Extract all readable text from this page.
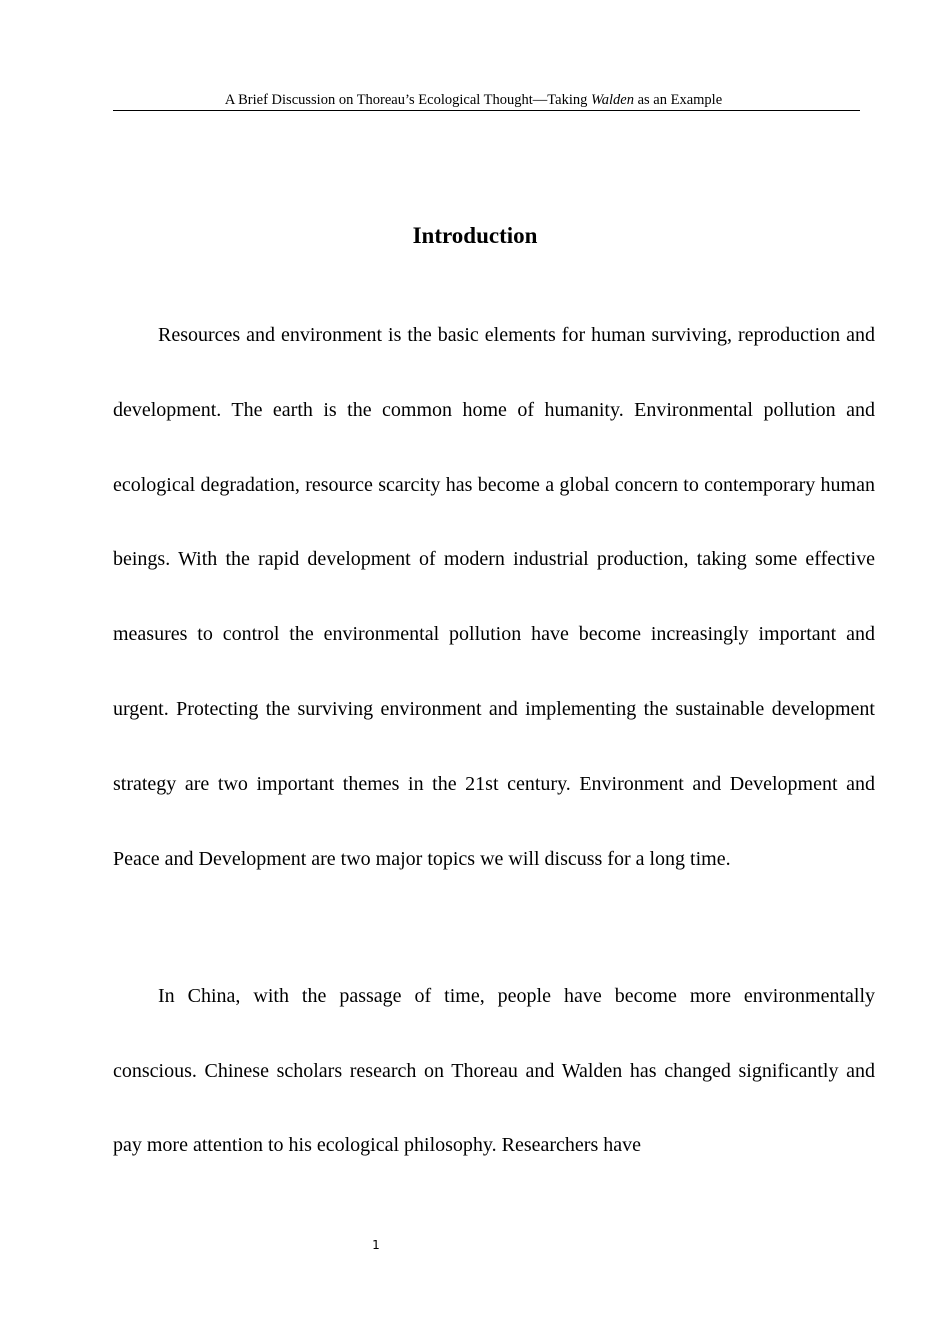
A Brief Discussion on Thoreau’s Ecological Thought—Taking Walden as an Example
Introduction

Resources and environment is the basic elements for human surviving, reproduction and development. The earth is the common home of humanity. Environmental pollution and ecological degradation, resource scarcity has become a global concern to contemporary human beings. With the rapid development of modern industrial production, taking some effective measures to control the environmental pollution have become increasingly important and urgent. Protecting the surviving environment and implementing the sustainable development strategy are two important themes in the 21st century. Environment and Development and Peace and Development are two major topics we will discuss for a long time.

In China, with the passage of time, people have become more environmentally conscious. Chinese scholars research on Thoreau and Walden has changed significantly and pay more attention to his ecological philosophy. Researchers have

1
